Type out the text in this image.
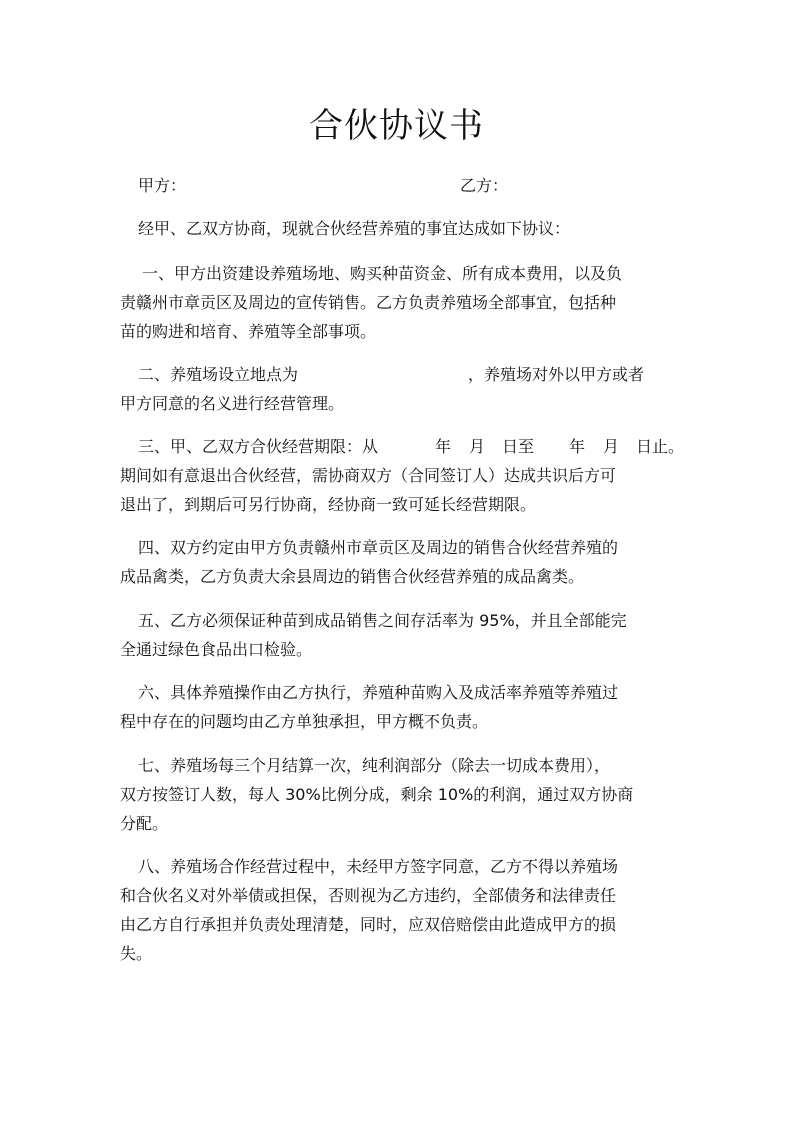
合伙协议书
甲方：	乙方：
经甲、乙双方协商，现就合伙经营养殖的事宜达成如下协议：
一、甲方出资建设养殖场地、购买种苗资金、所有成本费用，以及负
责赣州市章贡区及周边的宣传销售。乙方负责养殖场全部事宜，包括种
苗的购进和培育、养殖等全部事项。
二、养殖场设立地点为	，养殖场对外以甲方或者
甲方同意的名义进行经营管理。
三、甲、乙双方合伙经营期限：从	年 月 日至 年 月 日止。
期间如有意退出合伙经营，需协商双方（合同签订人）达成共识后方可
退出了，到期后可另行协商，经协商一致可延长经营期限。
四、双方约定由甲方负责赣州市章贡区及周边的销售合伙经营养殖的
成品禽类，乙方负责大余县周边的销售合伙经营养殖的成品禽类。
五、乙方必须保证种苗到成品销售之间存活率为 95%，并且全部能完
全通过绿色食品出口检验。
六、具体养殖操作由乙方执行，养殖种苗购入及成活率养殖等养殖过
程中存在的问题均由乙方单独承担，甲方概不负责。
七、养殖场每三个月结算一次，纯利润部分（除去一切成本费用），
双方按签订人数，每人 30%比例分成，剩余 10%的利润，通过双方协商
分配。
八、养殖场合作经营过程中，未经甲方签字同意，乙方不得以养殖场
和合伙名义对外举债或担保，否则视为乙方违约，全部债务和法律责任
由乙方自行承担并负责处理清楚，同时，应双倍赔偿由此造成甲方的损
失。
